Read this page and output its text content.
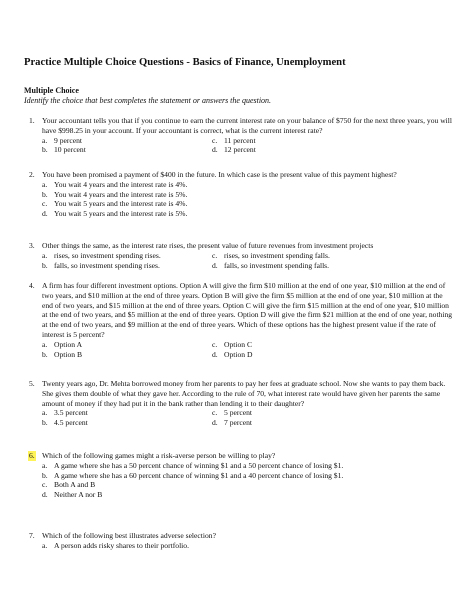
Practice Multiple Choice Questions - Basics of Finance, Unemployment
Multiple Choice
Identify the choice that best completes the statement or answers the question.
1. Your accountant tells you that if you continue to earn the current interest rate on your balance of $750 for the next three years, you will have $998.25 in your account. If your accountant is correct, what is the current interest rate?
a. 9 percent	c. 11 percent
b. 10 percent	d. 12 percent
2. You have been promised a payment of $400 in the future. In which case is the present value of this payment highest?
a. You wait 4 years and the interest rate is 4%.
b. You wait 4 years and the interest rate is 5%.
c. You wait 5 years and the interest rate is 4%.
d. You wait 5 years and the interest rate is 5%.
3. Other things the same, as the interest rate rises, the present value of future revenues from investment projects
a. rises, so investment spending rises.	c. rises, so investment spending falls.
b. falls, so investment spending rises.	d. falls, so investment spending falls.
4. A firm has four different investment options. Option A will give the firm $10 million at the end of one year, $10 million at the end of two years, and $10 million at the end of three years. Option B will give the firm $5 million at the end of one year, $10 million at the end of two years, and $15 million at the end of three years. Option C will give the firm $15 million at the end of one year, $10 million at the end of two years, and $5 million at the end of three years. Option D will give the firm $21 million at the end of one year, nothing at the end of two years, and $9 million at the end of three years. Which of these options has the highest present value if the rate of interest is 5 percent?
a. Option A	c. Option C
b. Option B	d. Option D
5. Twenty years ago, Dr. Mehta borrowed money from her parents to pay her fees at graduate school. Now she wants to pay them back. She gives them double of what they gave her. According to the rule of 70, what interest rate would have given her parents the same amount of money if they had put it in the bank rather than lending it to their daughter?
a. 3.5 percent	c. 5 percent
b. 4.5 percent	d. 7 percent
6. Which of the following games might a risk-averse person be willing to play?
a. A game where she has a 50 percent chance of winning $1 and a 50 percent chance of losing $1.
b. A game where she has a 60 percent chance of winning $1 and a 40 percent chance of losing $1.
c. Both A and B
d. Neither A nor B
7. Which of the following best illustrates adverse selection?
a. A person adds risky shares to their portfolio.
